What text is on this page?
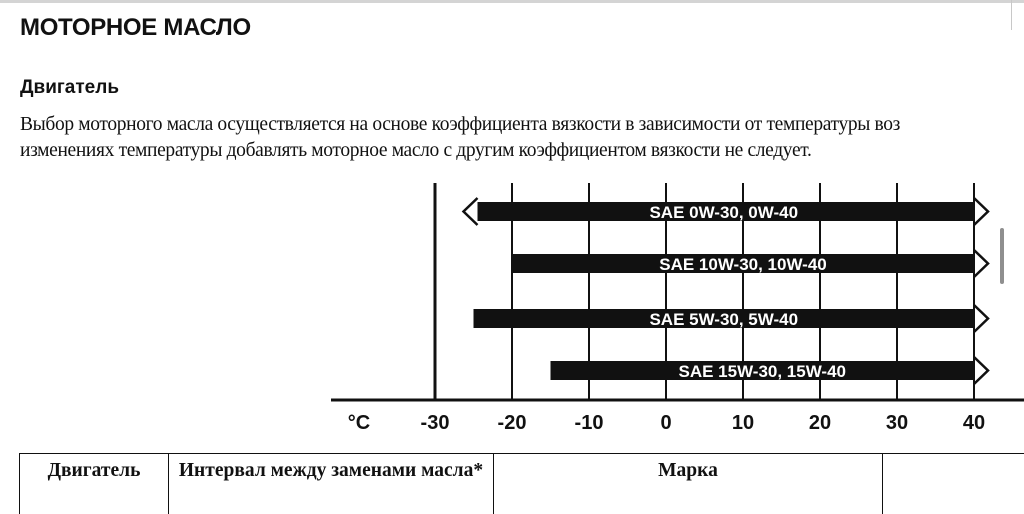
МОТОРНОЕ МАСЛО
Двигатель
Выбор моторного масла осуществляется на основе коэффициента вязкости в зависимости от температуры воз
изменениях температуры добавлять моторное масло с другим коэффициентом вязкости не следует.
-30 -20 -10	0	10	20	30	40
°C
SAE 0W-30, 0W-40
SAE 10W-30, 10W-40
SAE 5W-30, 5W-40
SAE 15W-30, 15W-40
Двигатель	Интервал между заменами масла*	Марка	
